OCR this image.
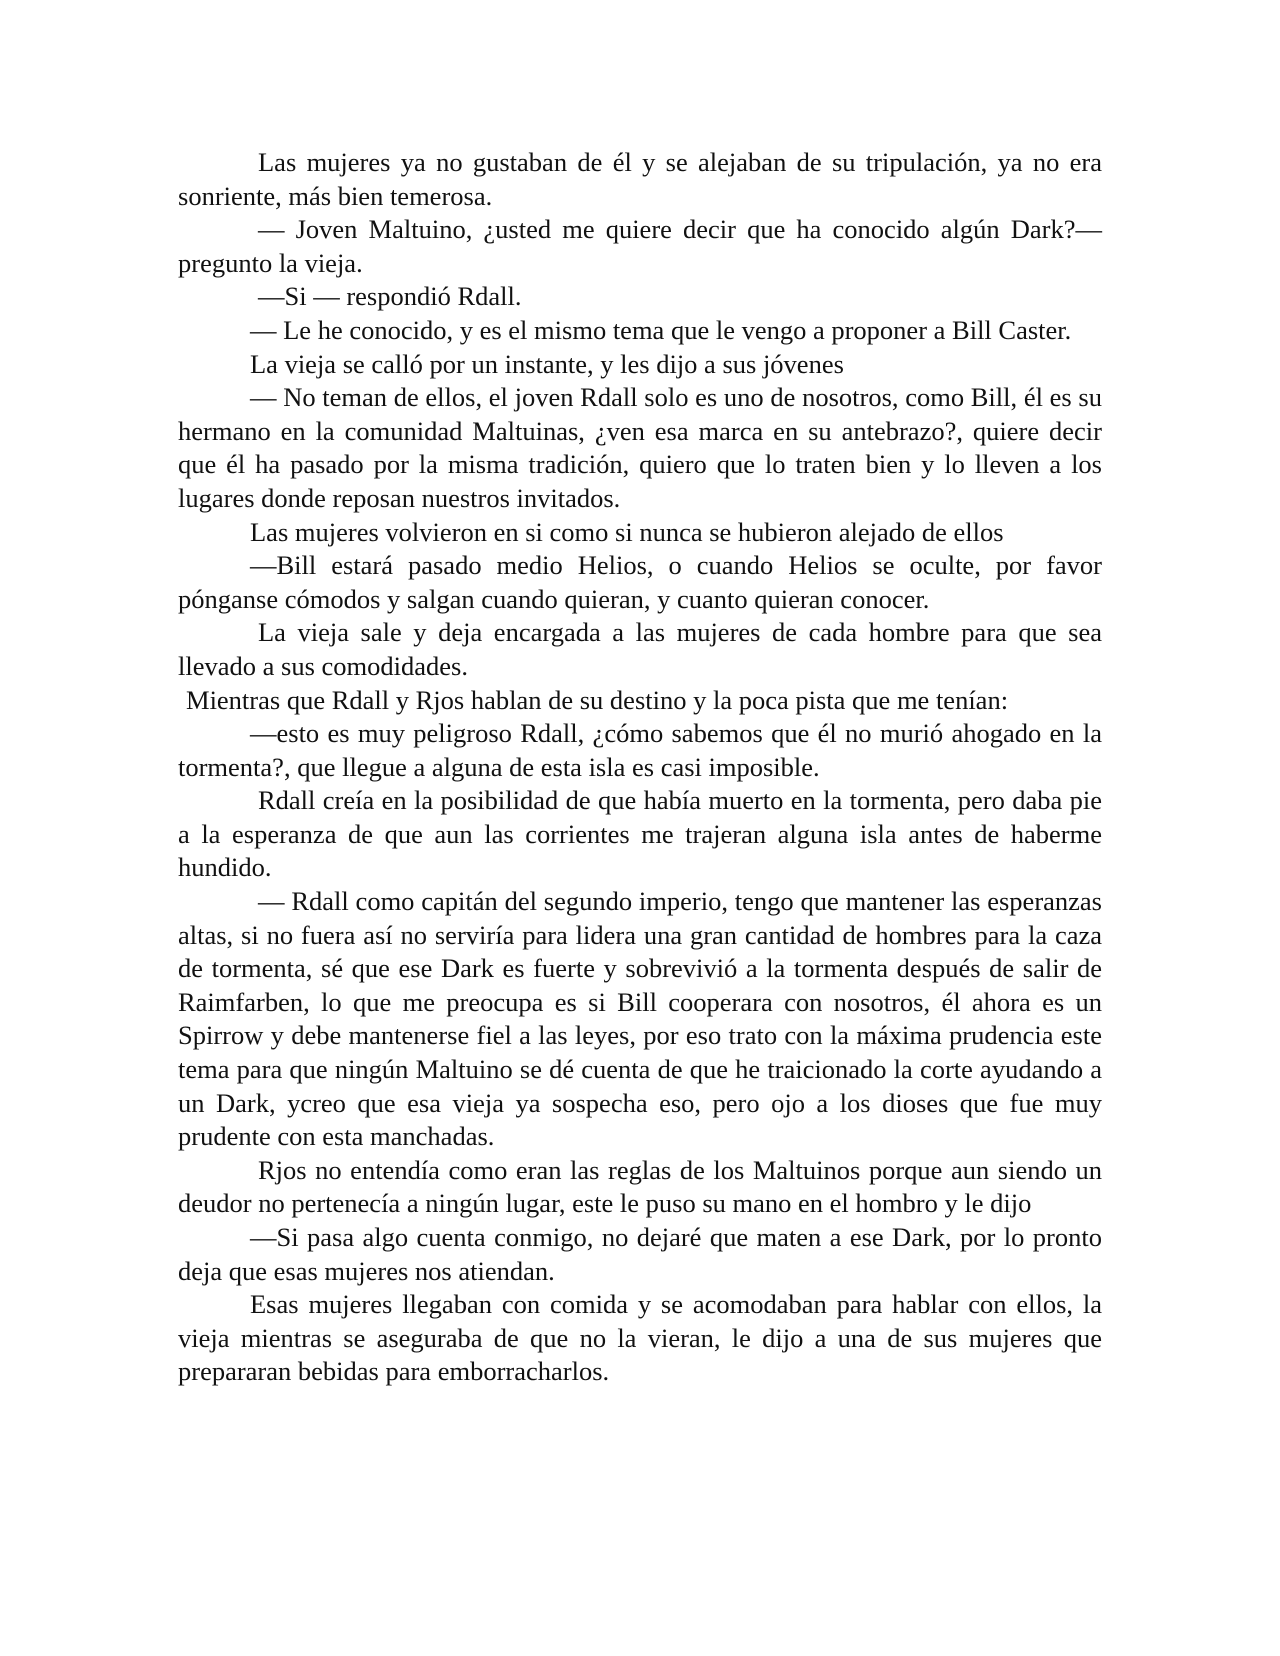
Las mujeres ya no gustaban de él y se alejaban de su tripulación, ya no era sonriente, más bien temerosa.

— Joven Maltuino, ¿usted me quiere decir que ha conocido algún Dark?— pregunto la vieja.

—Si — respondió Rdall.

— Le he conocido, y es el mismo tema que le vengo a proponer a Bill Caster.

La vieja se calló por un instante, y les dijo a sus jóvenes

— No teman de ellos, el joven Rdall solo es uno de nosotros, como Bill, él es su hermano en la comunidad Maltuinas, ¿ven esa marca en su antebrazo?, quiere decir que él ha pasado por la misma tradición, quiero que lo traten bien y lo lleven a los lugares donde reposan nuestros invitados.

Las mujeres volvieron en si como si nunca se hubieron alejado de ellos

—Bill estará pasado medio Helios, o cuando Helios se oculte, por favor pónganse cómodos y salgan cuando quieran, y cuanto quieran conocer.

La vieja sale y deja encargada a las mujeres de cada hombre para que sea llevado a sus comodidades.

Mientras que Rdall y Rjos hablan de su destino y la poca pista que me tenían:

—esto es muy peligroso Rdall, ¿cómo sabemos que él no murió ahogado en la tormenta?, que llegue a alguna de esta isla es casi imposible.

Rdall creía en la posibilidad de que había muerto en la tormenta, pero daba pie a la esperanza de que aun las corrientes me trajeran alguna isla antes de haberme hundido.

— Rdall como capitán del segundo imperio, tengo que mantener las esperanzas altas, si no fuera así no serviría para lidera una gran cantidad de hombres para la caza de tormenta, sé que ese Dark es fuerte y sobrevivió a la tormenta después de salir de Raimfarben, lo que me preocupa es si Bill cooperara con nosotros, él ahora es un Spirrow y debe mantenerse fiel a las leyes, por eso trato con la máxima prudencia este tema para que ningún Maltuino se dé cuenta de que he traicionado la corte ayudando a un Dark, ycreo que esa vieja ya sospecha eso, pero ojo a los dioses que fue muy prudente con esta manchadas.

Rjos no entendía como eran las reglas de los Maltuinos porque aun siendo un deudor no pertenecía a ningún lugar, este le puso su mano en el hombro y le dijo

—Si pasa algo cuenta conmigo, no dejaré que maten a ese Dark, por lo pronto deja que esas mujeres nos atiendan.

Esas mujeres llegaban con comida y se acomodaban para hablar con ellos, la vieja mientras se aseguraba de que no la vieran, le dijo a una de sus mujeres que prepararan bebidas para emborracharlos.
